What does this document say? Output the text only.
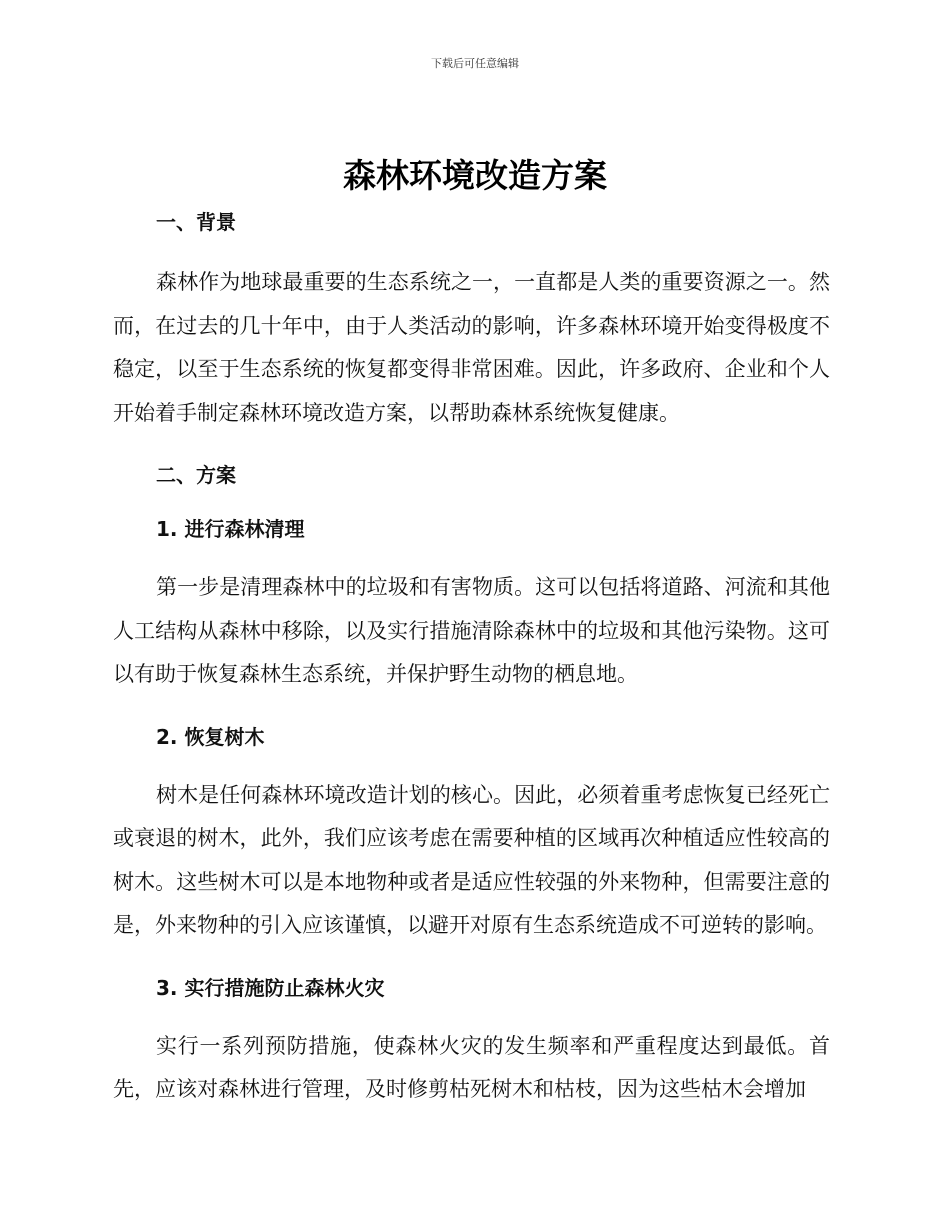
下载后可任意编辑
森林环境改造方案
一、背景
森林作为地球最重要的生态系统之一，一直都是人类的重要资源之一。然而，在过去的几十年中，由于人类活动的影响，许多森林环境开始变得极度不稳定，以至于生态系统的恢复都变得非常困难。因此，许多政府、企业和个人开始着手制定森林环境改造方案，以帮助森林系统恢复健康。
二、方案
1. 进行森林清理
第一步是清理森林中的垃圾和有害物质。这可以包括将道路、河流和其他人工结构从森林中移除，以及实行措施清除森林中的垃圾和其他污染物。这可以有助于恢复森林生态系统，并保护野生动物的栖息地。
2. 恢复树木
树木是任何森林环境改造计划的核心。因此，必须着重考虑恢复已经死亡或衰退的树木，此外，我们应该考虑在需要种植的区域再次种植适应性较高的树木。这些树木可以是本地物种或者是适应性较强的外来物种，但需要注意的是，外来物种的引入应该谨慎，以避开对原有生态系统造成不可逆转的影响。
3. 实行措施防止森林火灾
实行一系列预防措施，使森林火灾的发生频率和严重程度达到最低。首先，应该对森林进行管理，及时修剪枯死树木和枯枝，因为这些枯木会增加
